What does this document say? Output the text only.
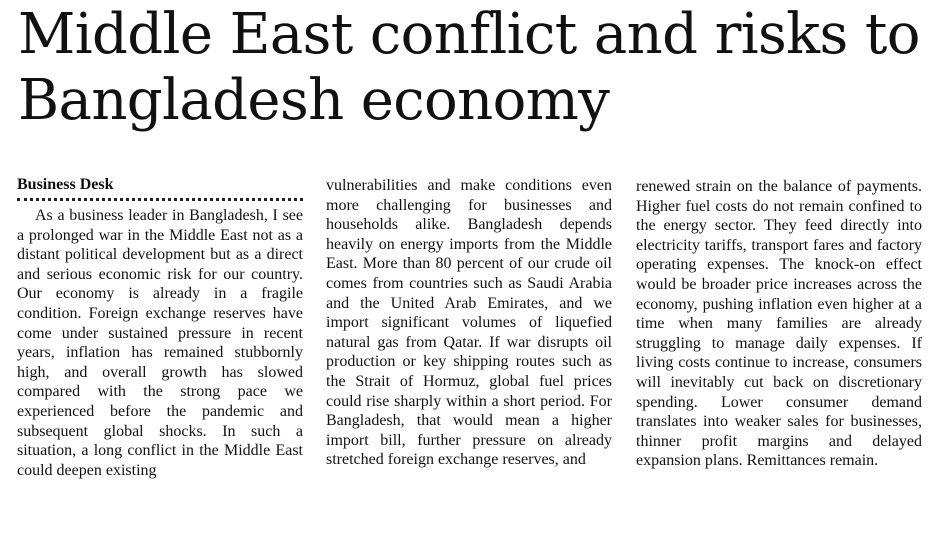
Middle East conflict and risks to Bangladesh economy
Business Desk

As a business leader in Bangladesh, I see a prolonged war in the Middle East not as a distant political development but as a direct and serious economic risk for our country. Our economy is already in a fragile condition. Foreign exchange reserves have come under sustained pressure in recent years, inflation has remained stubbornly high, and overall growth has slowed compared with the strong pace we experienced before the pandemic and subsequent global shocks. In such a situation, a long conflict in the Middle East could deepen existing

vulnerabilities and make conditions even more challenging for businesses and households alike. Bangladesh depends heavily on energy imports from the Middle East. More than 80 percent of our crude oil comes from countries such as Saudi Arabia and the United Arab Emirates, and we import significant volumes of liquefied natural gas from Qatar. If war disrupts oil production or key shipping routes such as the Strait of Hormuz, global fuel prices could rise sharply within a short period. For Bangladesh, that would mean a higher import bill, further pressure on already stretched foreign exchange reserves, and

renewed strain on the balance of payments. Higher fuel costs do not remain confined to the energy sector. They feed directly into electricity tariffs, transport fares and factory operating expenses. The knock-on effect would be broader price increases across the economy, pushing inflation even higher at a time when many families are already struggling to manage daily expenses. If living costs continue to increase, consumers will inevitably cut back on discretionary spending. Lower consumer demand translates into weaker sales for businesses, thinner profit margins and delayed expansion plans. Remittances remain.
